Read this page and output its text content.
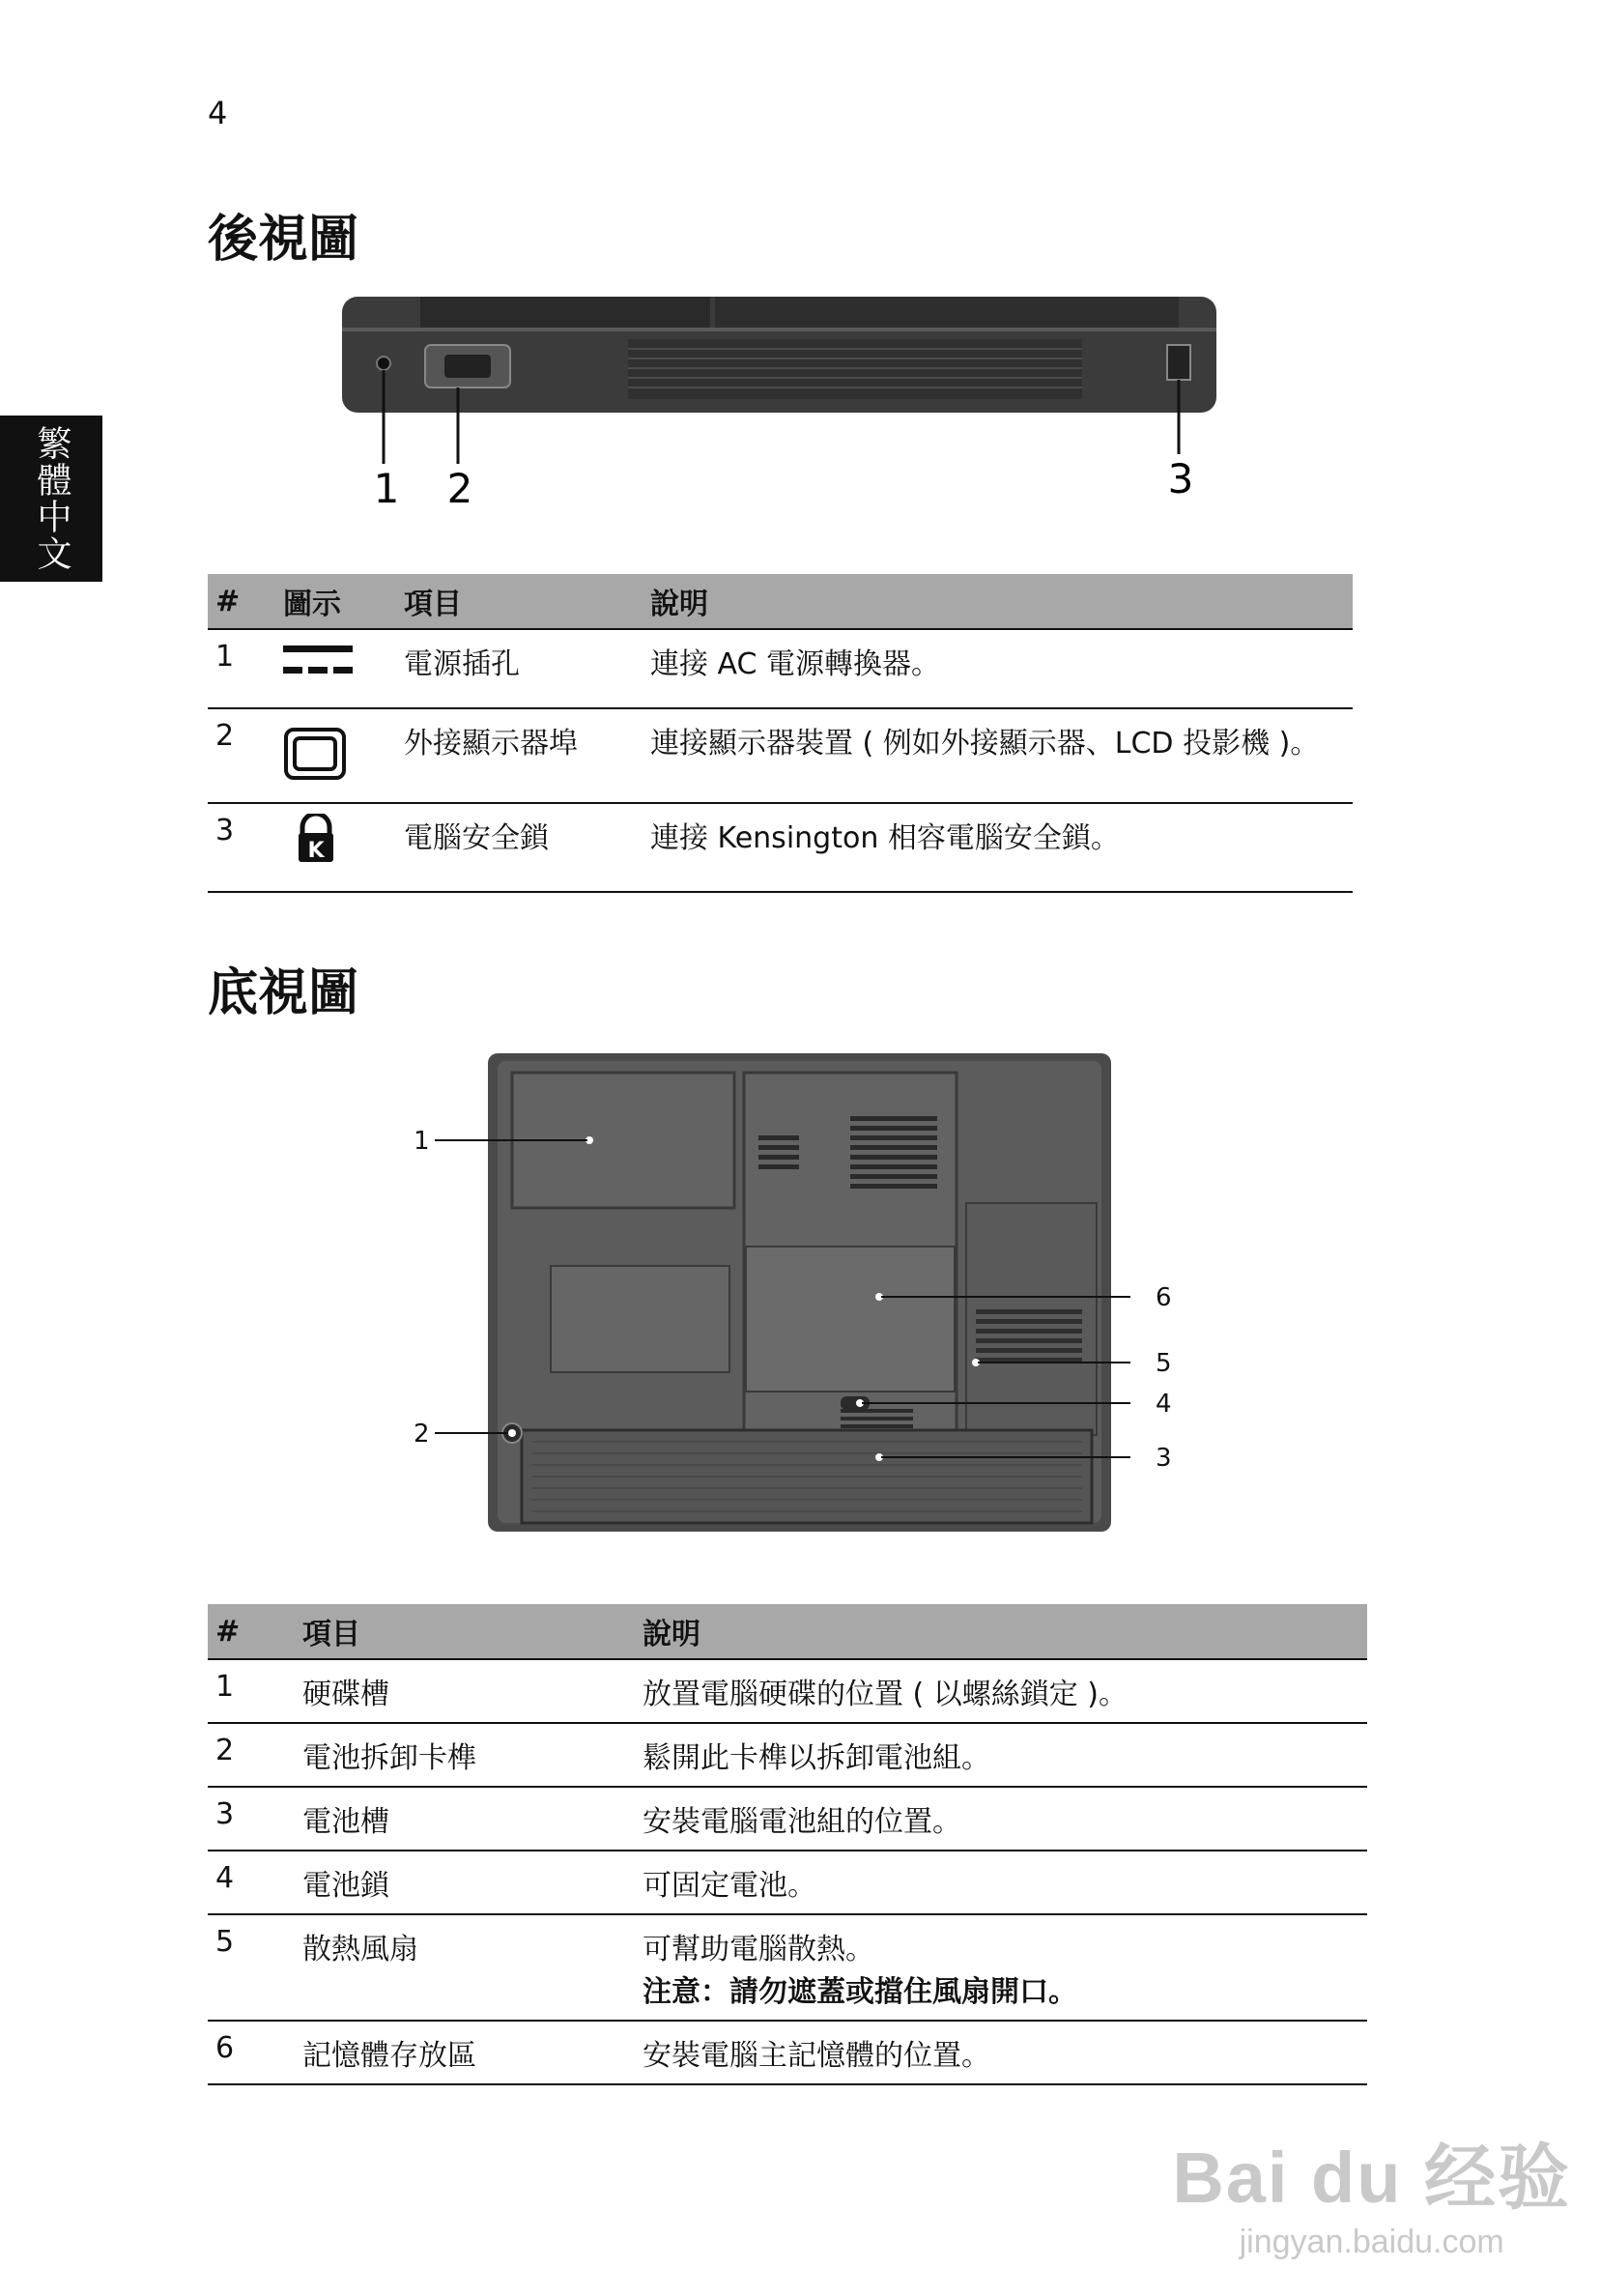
4
繁體中文
後視圖
1 2	3
#	圖示	項目	說明
1		電源插孔	連接 AC 電源轉換器。
2		外接顯示器埠	連接顯示器裝置 ( 例如外接顯示器、LCD 投影機 )。
3	K	電腦安全鎖	連接 Kensington 相容電腦安全鎖。
底視圖
1
2
3
4
5
6
#	項目	說明
1	硬碟槽	放置電腦硬碟的位置 ( 以螺絲鎖定 )。
2	電池拆卸卡榫	鬆開此卡榫以拆卸電池組。
3	電池槽	安裝電腦電池組的位置。
4	電池鎖	可固定電池。
5	散熱風扇	可幫助電腦散熱。
注意：請勿遮蓋或擋住風扇開口。

6	記憶體存放區	安裝電腦主記憶體的位置。
Bai du 经验
jingyan.baidu.com
